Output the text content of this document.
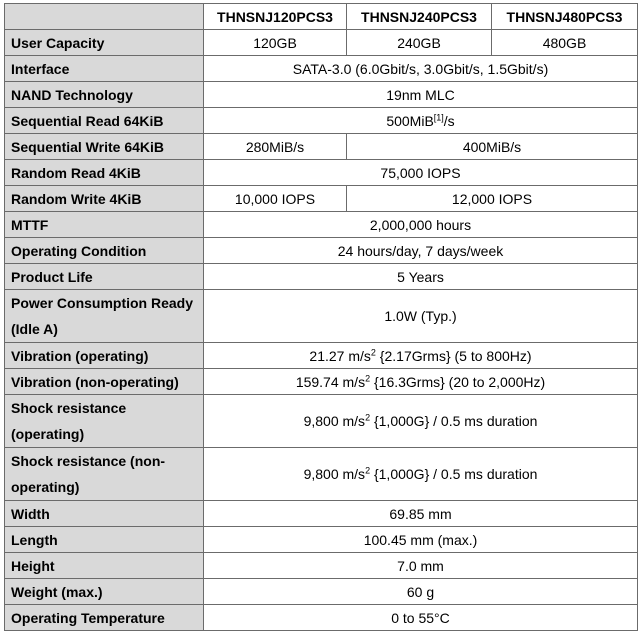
	THNSNJ120PCS3	THNSNJ240PCS3	THNSNJ480PCS3
User Capacity	120GB	240GB	480GB
Interface	SATA-3.0 (6.0Gbit/s, 3.0Gbit/s, 1.5Gbit/s)		
NAND Technology	19nm MLC		
Sequential Read 64KiB	500MiB[1]/s		
Sequential Write 64KiB	280MiB/s	400MiB/s	
Random Read 4KiB	75,000 IOPS		
Random Write 4KiB	10,000 IOPS	12,000 IOPS	
MTTF	2,000,000 hours		
Operating Condition	24 hours/day, 7 days/week		
Product Life	5 Years		
Power Consumption Ready (Idle A)	1.0W (Typ.)		
Vibration (operating)	21.27 $m/s^2$ {2.17Grms} (5 to 800Hz)		
Vibration (non-operating)	159.74 $m/s^2$ {16.3Grms} (20 to 2,000Hz)		
Shock resistance (operating)	9,800 $m/s^2$ {1,000G} / 0.5 ms duration		
Shock resistance (non-operating)	9,800 $m/s^2$ {1,000G} / 0.5 ms duration		
Width	69.85 mm		
Length	100.45 mm (max.)		
Height	7.0 mm		
Weight (max.)	60 g		
Operating Temperature	0 to 55°C		
